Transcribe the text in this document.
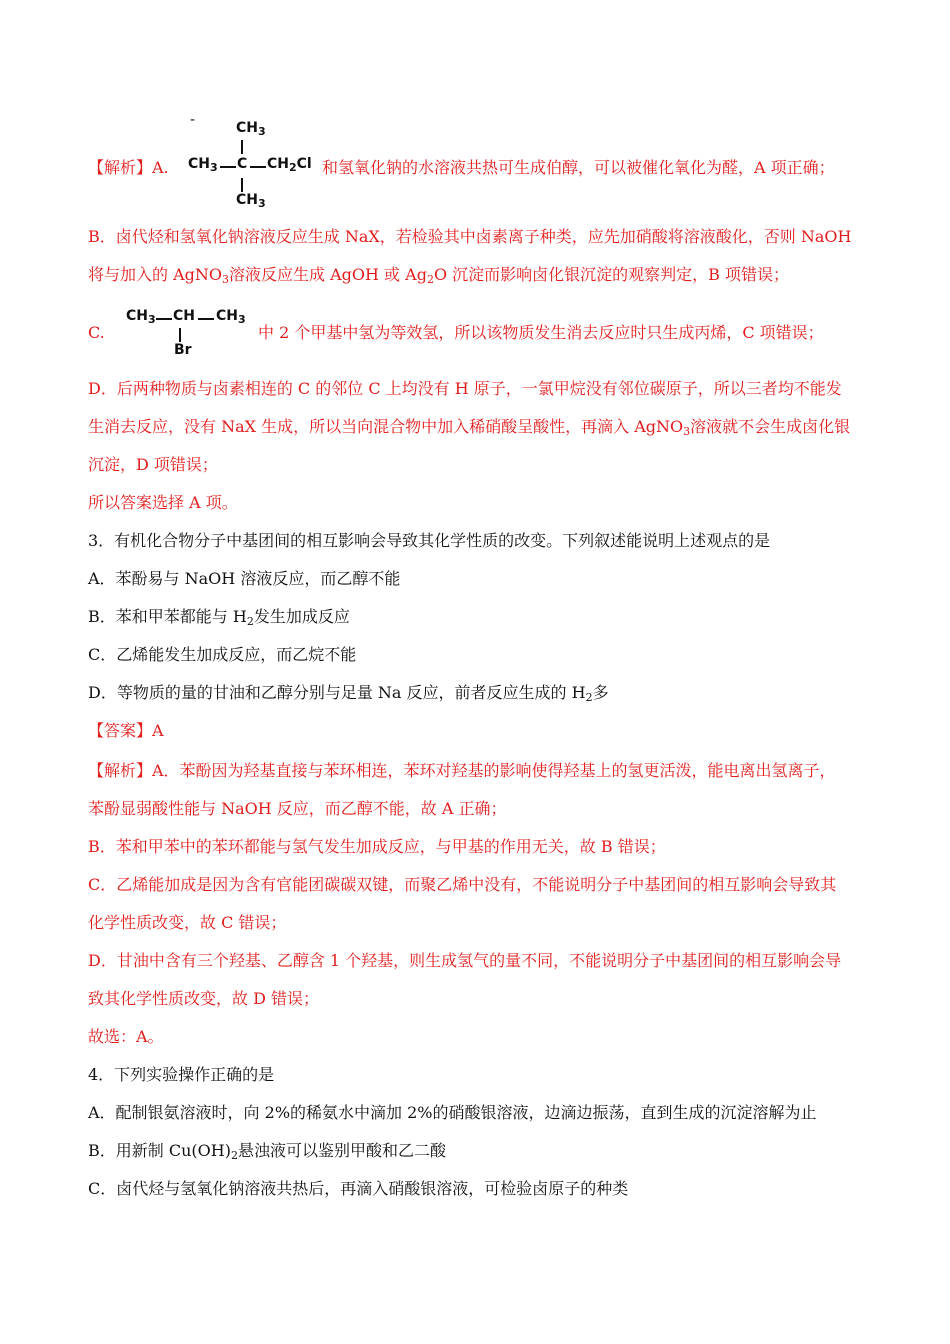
-	$CH_3$
$CH_3$ C $CH_2Cl$
$CH_3$
【解析】A.	和氢氧化钠的水溶液共热可生成伯醇，可以被催化氧化为醛，A 项正确；
B．卤代烃和氢氧化钠溶液反应生成 NaX，若检验其中卤素离子种类，应先加硝酸将溶液酸化，否则 NaOH
将与加入的 AgNO$_3$溶液反应生成 AgOH 或 $Ag_2O$ 沉淀而影响卤化银沉淀的观察判定，B 项错误；
$CH_3$ CH $CH_3$
Br
C.	中 2 个甲基中氢为等效氢，所以该物质发生消去反应时只生成丙烯，C 项错误；
D．后两种物质与卤素相连的 C 的邻位 C 上均没有 H 原子，一氯甲烷没有邻位碳原子，所以三者均不能发
生消去反应，没有 NaX 生成，所以当向混合物中加入稀硝酸呈酸性，再滴入 AgNO$_3$溶液就不会生成卤化银
沉淀，D 项错误；
所以答案选择 A 项。
3．有机化合物分子中基团间的相互影响会导致其化学性质的改变。下列叙述能说明上述观点的是
A．苯酚易与 NaOH 溶液反应，而乙醇不能
B．苯和甲苯都能与 $H_2$发生加成反应
C．乙烯能发生加成反应，而乙烷不能
D．等物质的量的甘油和乙醇分别与足量 Na 反应，前者反应生成的 $H_2$多
【答案】A
【解析】A．苯酚因为羟基直接与苯环相连，苯环对羟基的影响使得羟基上的氢更活泼，能电离出氢离子，
苯酚显弱酸性能与 NaOH 反应，而乙醇不能，故 A 正确；
B．苯和甲苯中的苯环都能与氢气发生加成反应，与甲基的作用无关，故 B 错误；
C．乙烯能加成是因为含有官能团碳碳双键，而聚乙烯中没有，不能说明分子中基团间的相互影响会导致其
化学性质改变，故 C 错误；
D．甘油中含有三个羟基、乙醇含 1 个羟基，则生成氢气的量不同，不能说明分子中基团间的相互影响会导
致其化学性质改变，故 D 错误；
故选：A。
4．下列实验操作正确的是
A．配制银氨溶液时，向 2%的稀氨水中滴加 2%的硝酸银溶液，边滴边振荡，直到生成的沉淀溶解为止
B．用新制 $Cu(OH)_2$悬浊液可以鉴别甲酸和乙二酸
C．卤代烃与氢氧化钠溶液共热后，再滴入硝酸银溶液，可检验卤原子的种类
